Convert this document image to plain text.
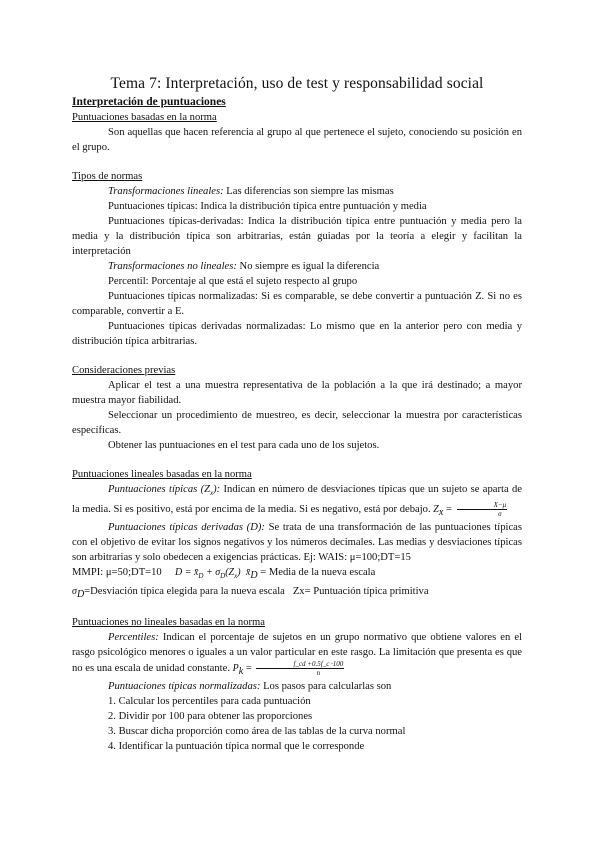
Tema 7: Interpretación, uso de test y responsabilidad social
Interpretación de puntuaciones
Puntuaciones basadas en la norma

Son aquellas que hacen referencia al grupo al que pertenece el sujeto, conociendo su posición en el grupo.

Tipos de normas

Transformaciones lineales: Las diferencias son siempre las mismas

Puntuaciones típicas: Indica la distribución típica entre puntuación y media

Puntuaciones típicas-derivadas: Indica la distribución típica entre puntuación y media pero la media y la distribución típica son arbitrarias, están guiadas por la teoría a elegir y facilitan la interpretación

Transformaciones no lineales: No siempre es igual la diferencia

Percentil: Porcentaje al que está el sujeto respecto al grupo

Puntuaciones típicas normalizadas: Si es comparable, se debe convertir a puntuación Z. Si no es comparable, convertir a E.

Puntuaciones típicas derivadas normalizadas: Lo mismo que en la anterior pero con media y distribución típica arbitrarias.

Consideraciones previas

Aplicar el test a una muestra representativa de la población a la que irá destinado; a mayor muestra mayor fiabilidad.

Seleccionar un procedimiento de muestreo, es decir, seleccionar la muestra por características específicas.

Obtener las puntuaciones en el test para cada uno de los sujetos.

Puntuaciones lineales basadas en la norma

Puntuaciones típicas $(Z_x)$: Indican en número de desviaciones típicas que un sujeto se aparta de la media. Si es positivo, está por encima de la media. Si es negativo, está por debajo. $Z_x = \frac{X-\mu}{\sigma}$

Puntuaciones típicas derivadas (D): Se trata de una transformación de las puntuaciones típicas con el objetivo de evitar los signos negativos y los números decimales. Las medias y desviaciones típicas son arbitrarias y solo obedecen a exigencias prácticas. Ej: WAIS: μ=100;DT=15

MMPI: μ=50;DT=10 $D = x̄_D + \sigma_D(Z_x)$ $x̄_D$ = Media de la nueva escala

$\sigma_D=Desviación$ típica elegida para la nueva escala Zx= Puntuación típica primitiva

Puntuaciones no lineales basadas en la norma

Percentiles: Indican el porcentaje de sujetos en un grupo normativo que obtiene valores en el rasgo psicológico menores o iguales a un valor particular en este rasgo. La limitación que presenta es que no es una escala de unidad constante. $P_k = \frac{f\_cd +0.5f\_c \cdot 100}{n}$

Puntuaciones típicas normalizadas: Los pasos para calcularlas son

1. Calcular los percentiles para cada puntuación
2. Dividir por 100 para obtener las proporciones
3. Buscar dicha proporción como área de las tablas de la curva normal
4. Identificar la puntuación típica normal que le corresponde
